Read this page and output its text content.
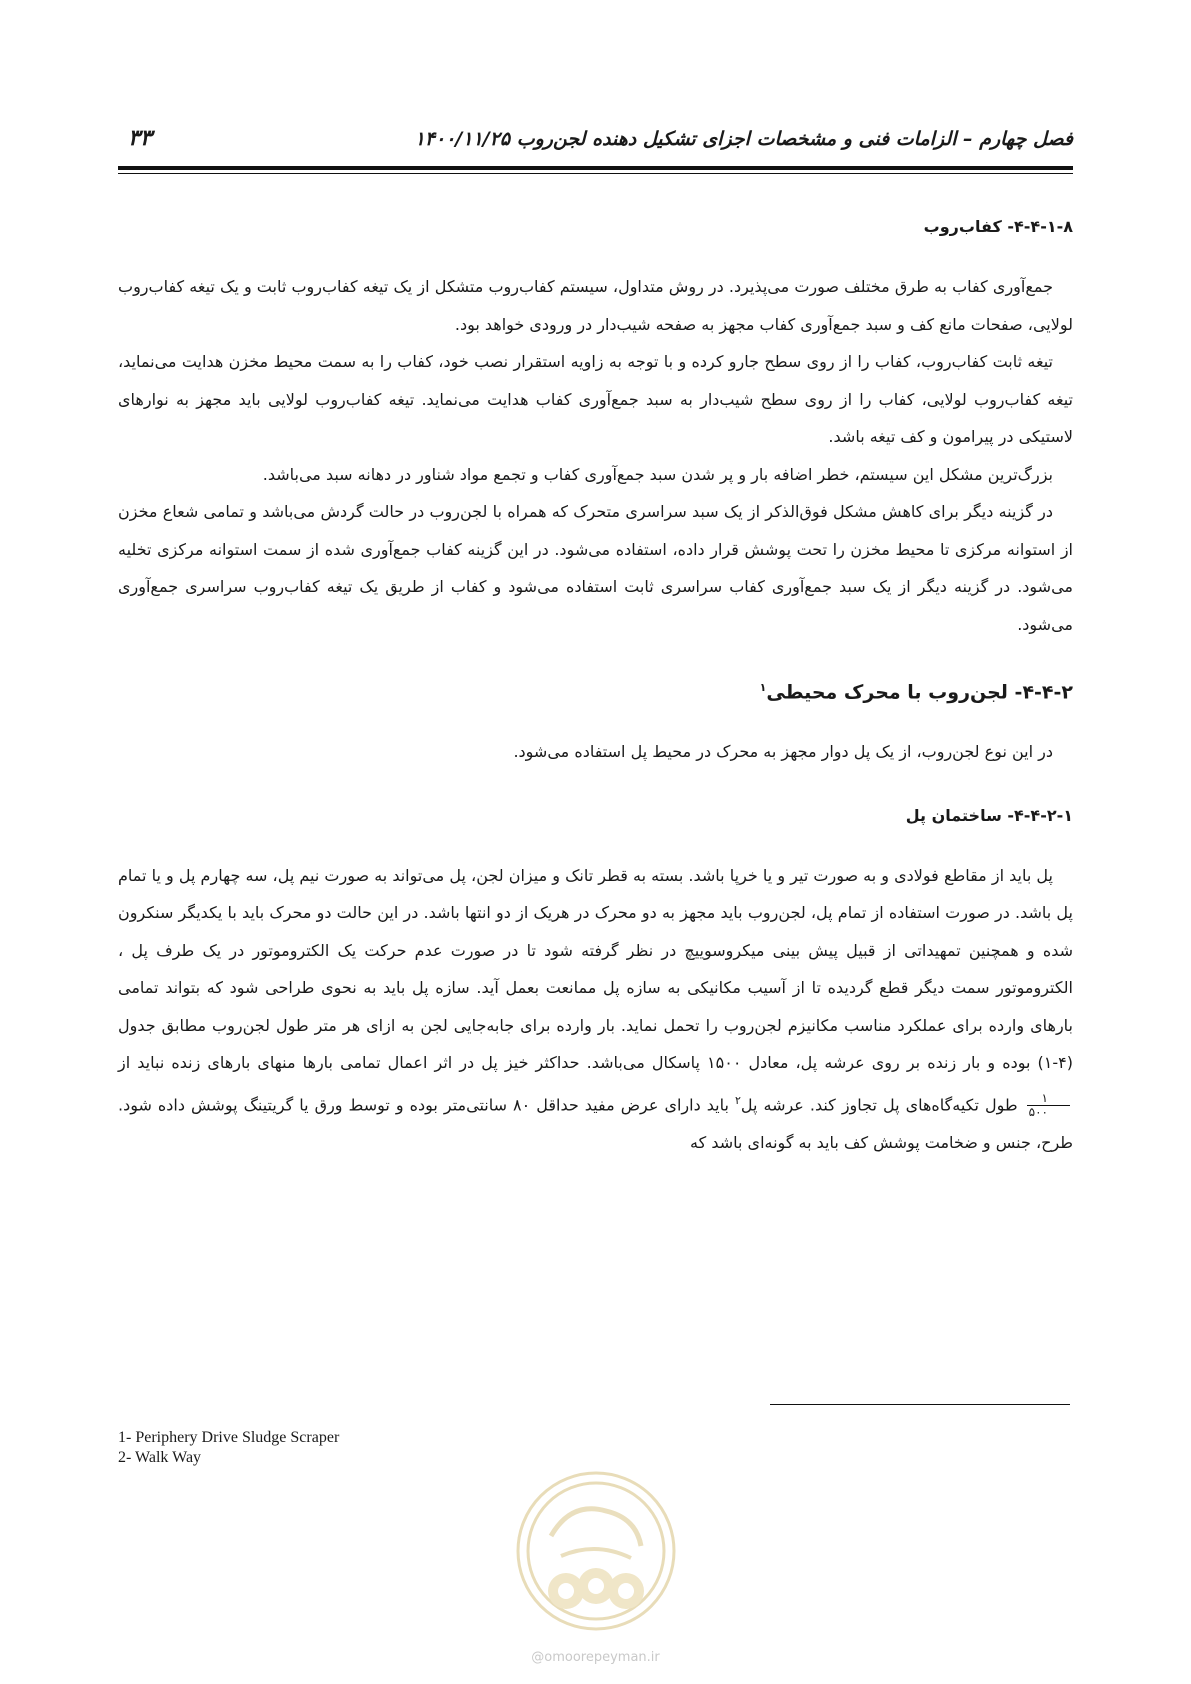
فصل چهارم – الزامات فنی و مشخصات اجزای تشکیل دهنده لجن‌روب ۱۴۰۰/۱۱/۲۵
۳۳
۴-۴-۱-۸- کفاب‌روب

جمع‌آوری کفاب به طرق مختلف صورت می‌پذیرد. در روش متداول، سیستم کفاب‌روب متشکل از یک تیغه کفاب‌روب ثابت و یک تیغه کفاب‌روب لولایی، صفحات مانع کف و سبد جمع‌آوری کفاب مجهز به صفحه شیب‌دار در ورودی خواهد بود.

تیغه ثابت کفاب‌روب، کفاب را از روی سطح جارو کرده و با توجه به زاویه استقرار نصب خود، کفاب را به سمت محیط مخزن هدایت می‌نماید، تیغه کفاب‌روب لولایی، کفاب را از روی سطح شیب‌دار به سبد جمع‌آوری کفاب هدایت می‌نماید. تیغه کفاب‌روب لولایی باید مجهز به نوارهای لاستیکی در پیرامون و کف تیغه باشد.

بزرگ‌ترین مشکل این سیستم، خطر اضافه بار و پر شدن سبد جمع‌آوری کفاب و تجمع مواد شناور در دهانه سبد می‌باشد.

در گزینه دیگر برای کاهش مشکل فوق‌الذکر از یک سبد سراسری متحرک که همراه با لجن‌روب در حالت گردش می‌باشد و تمامی شعاع مخزن از استوانه مرکزی تا محیط مخزن را تحت پوشش قرار داده، استفاده می‌شود. در این گزینه کفاب جمع‌آوری شده از سمت استوانه مرکزی تخلیه می‌شود. در گزینه دیگر از یک سبد جمع‌آوری کفاب سراسری ثابت استفاده می‌شود و کفاب از طریق یک تیغه کفاب‌روب سراسری جمع‌آوری می‌شود.

۴-۴-۲- لجن‌روب با محرک محیطی$^۱$

در این نوع لجن‌روب، از یک پل دوار مجهز به محرک در محیط پل استفاده می‌شود.

۴-۴-۲-۱- ساختمان پل

پل باید از مقاطع فولادی و به صورت تیر و یا خرپا باشد. بسته به قطر تانک و میزان لجن، پل می‌تواند به صورت نیم پل، سه چهارم پل و یا تمام پل باشد. در صورت استفاده از تمام پل، لجن‌روب باید مجهز به دو محرک در هریک از دو انتها باشد. در این حالت دو محرک باید با یکدیگر سنکرون شده و همچنین تمهیداتی از قبیل پیش بینی میکروسوییچ در نظر گرفته شود تا در صورت عدم حرکت یک الکتروموتور در یک طرف پل ، الکتروموتور سمت دیگر قطع گردیده تا از آسیب مکانیکی به سازه پل ممانعت بعمل آید. سازه پل باید به نحوی طراحی شود که بتواند تمامی بارهای وارده برای عملکرد مناسب مکانیزم لجن‌روب را تحمل نماید. بار وارده برای جابه‌جایی لجن به ازای هر متر طول لجن‌روب مطابق جدول (۴-۱) بوده و بار زنده بر روی عرشه پل، معادل ۱۵۰۰ پاسکال می‌باشد. حداکثر خیز پل در اثر اعمال تمامی بارها منهای بارهای زنده نباید از
$\frac{۱}{۵۰۰}$
طول تکیه‌گاه‌های پل تجاوز کند. عرشه پل$^۲$ باید دارای عرض مفید حداقل ۸۰ سانتی‌متر بوده و توسط ورق یا گریتینگ پوشش داده شود. طرح، جنس و ضخامت پوشش کف باید به گونه‌ای باشد که

1- Periphery Drive Sludge Scraper
2- Walk Way
@omoorepeyman.ir
